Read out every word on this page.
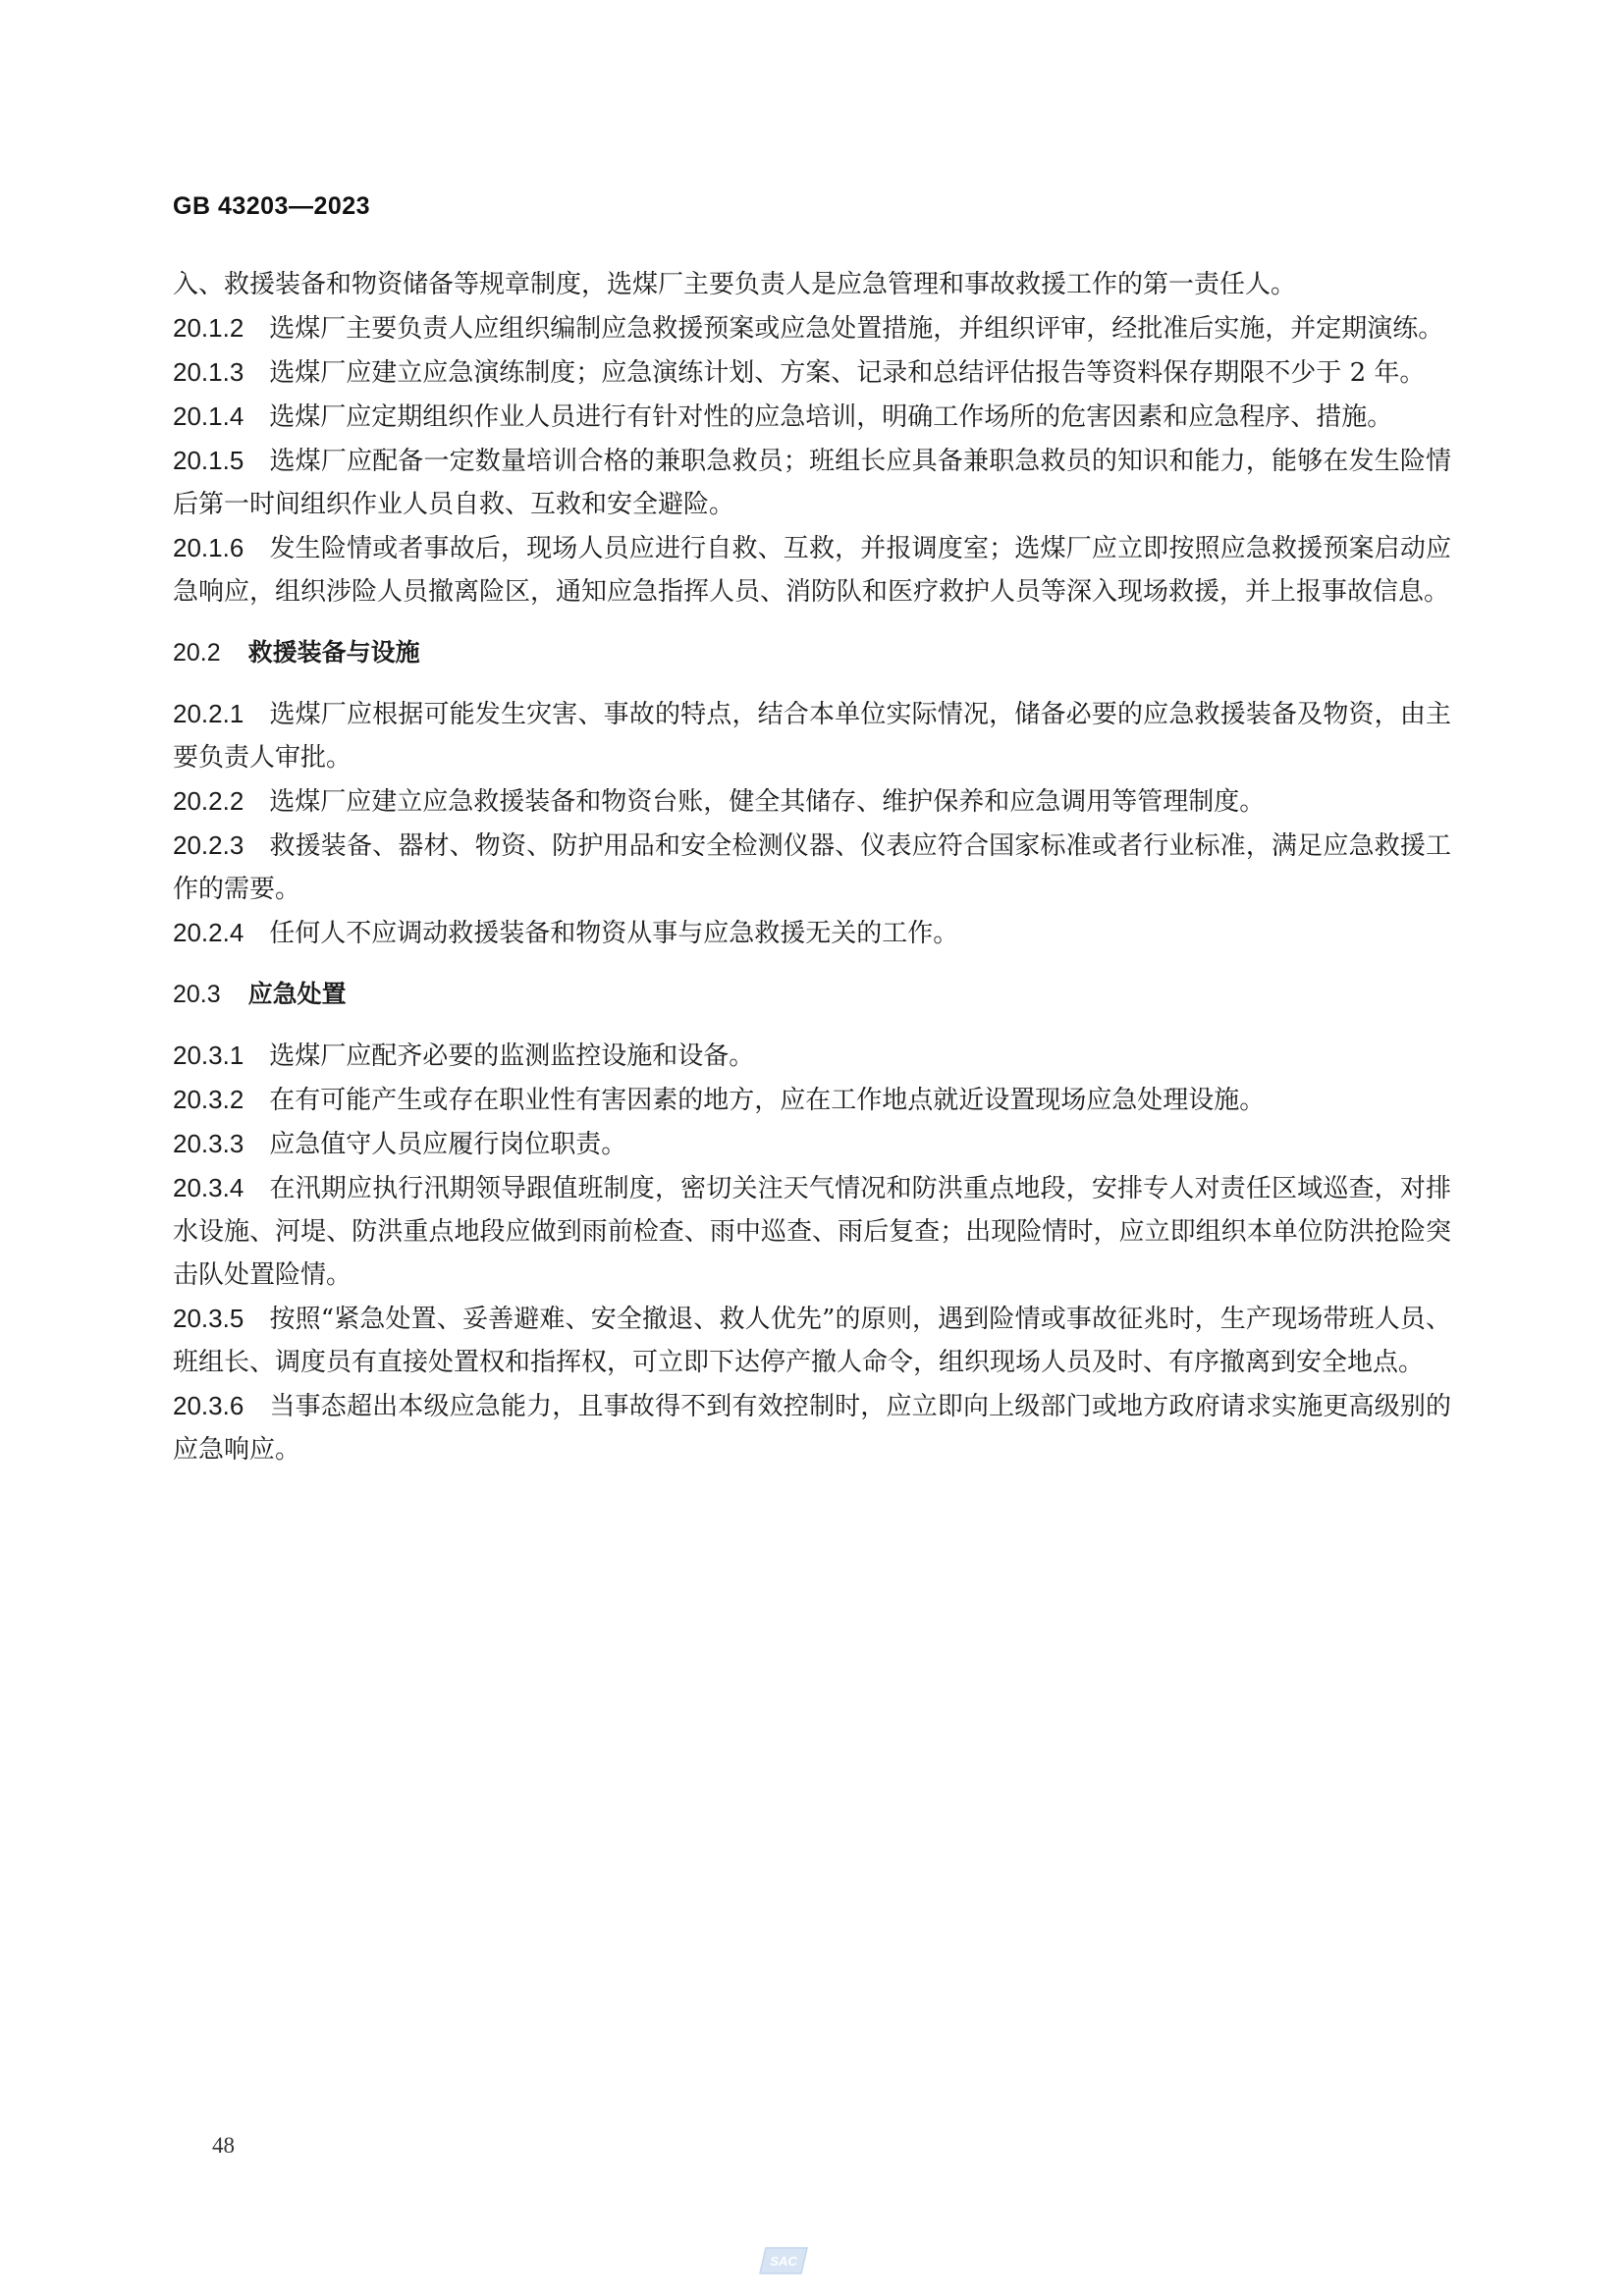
GB 43203—2023

入、救援装备和物资储备等规章制度，选煤厂主要负责人是应急管理和事故救援工作的第一责任人。

20.1.2 选煤厂主要负责人应组织编制应急救援预案或应急处置措施，并组织评审，经批准后实施，并定期演练。

20.1.3 选煤厂应建立应急演练制度；应急演练计划、方案、记录和总结评估报告等资料保存期限不少于 2 年。

20.1.4 选煤厂应定期组织作业人员进行有针对性的应急培训，明确工作场所的危害因素和应急程序、措施。

20.1.5 选煤厂应配备一定数量培训合格的兼职急救员；班组长应具备兼职急救员的知识和能力，能够在发生险情后第一时间组织作业人员自救、互救和安全避险。

20.1.6 发生险情或者事故后，现场人员应进行自救、互救，并报调度室；选煤厂应立即按照应急救援预案启动应急响应，组织涉险人员撤离险区，通知应急指挥人员、消防队和医疗救护人员等深入现场救援，并上报事故信息。

20.2 救援装备与设施

20.2.1 选煤厂应根据可能发生灾害、事故的特点，结合本单位实际情况，储备必要的应急救援装备及物资，由主要负责人审批。

20.2.2 选煤厂应建立应急救援装备和物资台账，健全其储存、维护保养和应急调用等管理制度。

20.2.3 救援装备、器材、物资、防护用品和安全检测仪器、仪表应符合国家标准或者行业标准，满足应急救援工作的需要。

20.2.4 任何人不应调动救援装备和物资从事与应急救援无关的工作。

20.3 应急处置

20.3.1 选煤厂应配齐必要的监测监控设施和设备。

20.3.2 在有可能产生或存在职业性有害因素的地方，应在工作地点就近设置现场应急处理设施。

20.3.3 应急值守人员应履行岗位职责。

20.3.4 在汛期应执行汛期领导跟值班制度，密切关注天气情况和防洪重点地段，安排专人对责任区域巡查，对排水设施、河堤、防洪重点地段应做到雨前检查、雨中巡查、雨后复查；出现险情时，应立即组织本单位防洪抢险突击队处置险情。

20.3.5 按照“紧急处置、妥善避难、安全撤退、救人优先”的原则，遇到险情或事故征兆时，生产现场带班人员、班组长、调度员有直接处置权和指挥权，可立即下达停产撤人命令，组织现场人员及时、有序撤离到安全地点。

20.3.6 当事态超出本级应急能力，且事故得不到有效控制时，应立即向上级部门或地方政府请求实施更高级别的应急响应。

48
SAC
